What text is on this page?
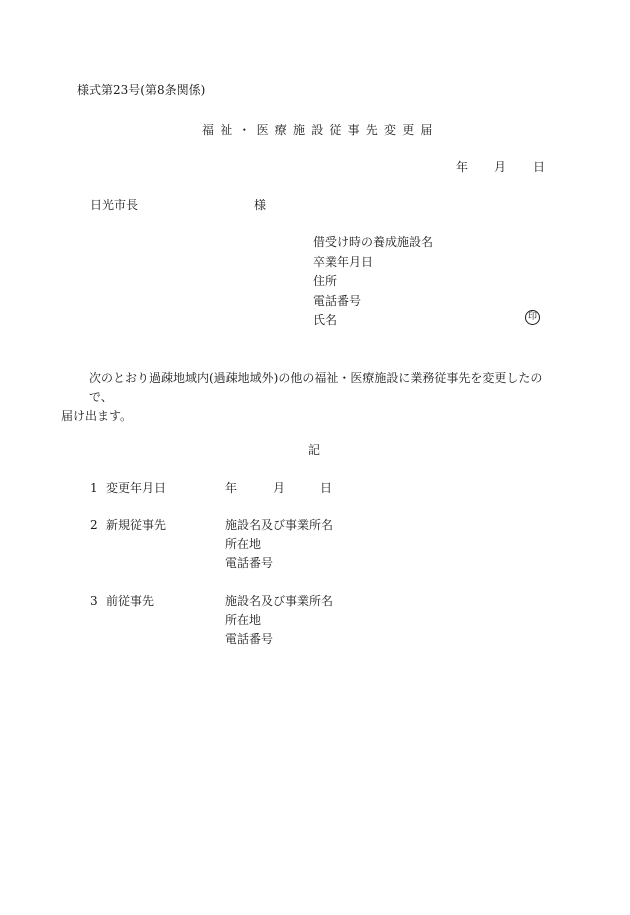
様式第23号(第8条関係)
福祉・医療施設従事先変更届
年 月 日
日光市長	様
借受け時の養成施設名
卒業年月日
住所
電話番号
氏名	印
次のとおり過疎地域内(過疎地域外)の他の福祉・医療施設に業務従事先を変更したので、
届け出ます。
記
1 変更年月日	年	月	日
2 新規従事先	施設名及び事業所名
所在地
電話番号
3 前従事先	施設名及び事業所名
所在地
電話番号
